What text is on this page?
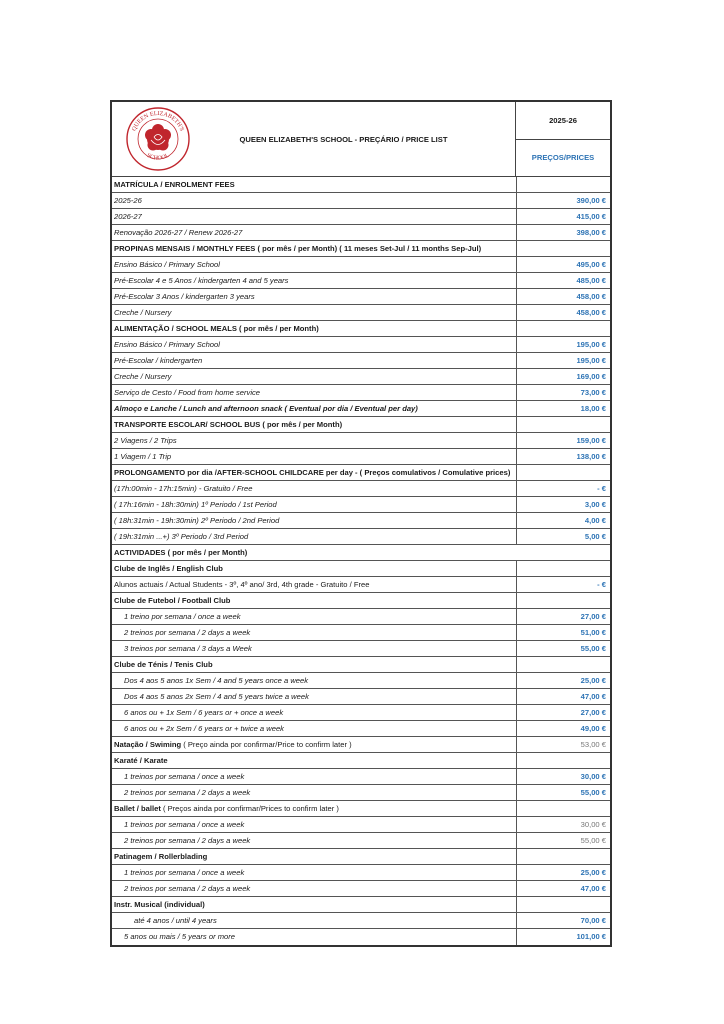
QUEEN ELIZABETH'S
SCHOOL
QUEEN ELIZABETH'S SCHOOL - PREÇÁRIO / PRICE LIST
2025-26
PREÇOS/PRICES
MATRÍCULA / ENROLMENT FEES
2025-26	390,00 €
2026-27	415,00 €
Renovação 2026-27 / Renew 2026-27	398,00 €
PROPINAS MENSAIS / MONTHLY FEES ( por mês / per Month) ( 11 meses Set-Jul / 11 months Sep-Jul)
Ensino Básico / Primary School	495,00 €
Pré-Escolar 4 e 5 Anos / kindergarten 4 and 5 years	485,00 €
Pré-Escolar 3 Anos / kindergarten 3 years	458,00 €
Creche / Nursery	458,00 €
ALIMENTAÇÃO / SCHOOL MEALS ( por mês / per Month)
Ensino Básico / Primary School	195,00 €
Pré-Escolar / kindergarten	195,00 €
Creche / Nursery	169,00 €
Serviço de Cesto / Food from home service	73,00 €
Almoço e Lanche / Lunch and afternoon snack ( Eventual por dia / Eventual per day)	18,00 €
TRANSPORTE ESCOLAR/ SCHOOL BUS ( por mês / per Month)
2 Viagens / 2 Trips	159,00 €
1 Viagem / 1 Trip	138,00 €
PROLONGAMENTO por dia /AFTER-SCHOOL CHILDCARE per day - ( Preços comulativos / Comulative prices)
(17h:00min - 17h:15min) - Gratuito / Free	- €
( 17h:16min - 18h:30min) 1º Periodo / 1st Period	3,00 €
( 18h:31min - 19h:30min) 2º Periodo / 2nd Period	4,00 €
( 19h:31min ...+) 3º Periodo / 3rd Period	5,00 €
ACTIVIDADES ( por mês / per Month)
Clube de Inglês / English Club
Alunos actuais / Actual Students - 3º, 4º ano/ 3rd, 4th grade - Gratuito / Free	- €
Clube de Futebol / Football Club
1 treino por semana / once a week	27,00 €
2 treinos por semana / 2 days a week	51,00 €
3 treinos por semana / 3 days a Week	55,00 €
Clube de Ténis / Tenis Club
Dos 4 aos 5 anos 1x Sem / 4 and 5 years once a week	25,00 €
Dos 4 aos 5 anos 2x Sem / 4 and 5 years twice a week	47,00 €
6 anos ou + 1x Sem / 6 years or + once a week	27,00 €
6 anos ou + 2x Sem / 6 years or + twice a week	49,00 €
Natação / Swiming ( Preço ainda por confirmar/Price to confirm later )	53,00 €
Karaté / Karate
1 treinos por semana / once a week	30,00 €
2 treinos por semana / 2 days a week	55,00 €
Ballet / ballet ( Preços ainda por confirmar/Prices to confirm later )
1 treinos por semana / once a week	30,00 €
2 treinos por semana / 2 days a week	55,00 €
Patinagem / Rollerblading
1 treinos por semana / once a week	25,00 €
2 treinos por semana / 2 days a week	47,00 €
Instr. Musical (individual)
até 4 anos / until 4 years	70,00 €
5 anos ou mais / 5 years or more	101,00 €
